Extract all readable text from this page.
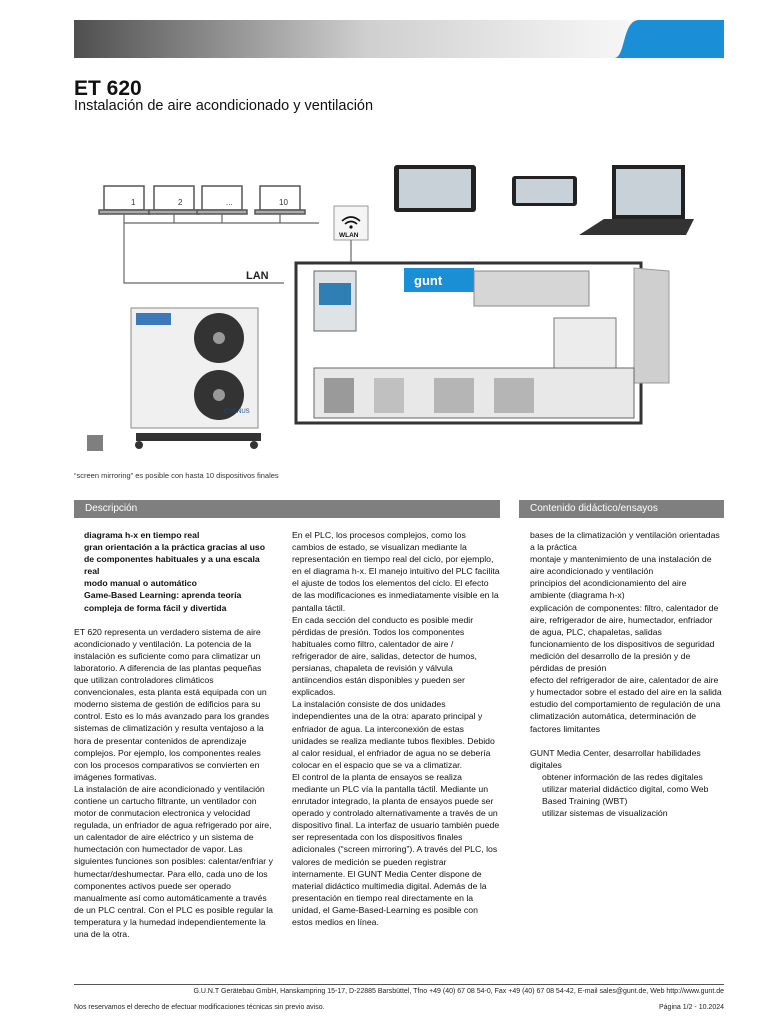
ET 620
Instalación de aire acondicionado y ventilación
1	2	...	10
LAN
WLAN
gunt
CYGNUS
“screen mirroring” es posible con hasta 10 dispositivos finales
Descripción	Contenido didáctico/ensayos

diagrama h-x en tiempo real

gran orientación a la práctica gracias al uso de componentes habituales y a una escala real

modo manual o automático

Game-Based Learning: aprenda teoría compleja de forma fácil y divertida

ET 620 representa un verdadero sistema de aire acondicionado y ventilación. La potencia de la instalación es suficiente como para climatizar un laboratorio. A diferencia de las plantas pequeñas que utilizan controladores climáticos convencionales, esta planta está equipada con un moderno sistema de gestión de edificios para su control. Esto es lo más avanzado para los grandes sistemas de climatización y resulta ventajoso a la hora de presentar contenidos de aprendizaje complejos. Por ejemplo, los componentes reales con los procesos comparativos se convierten en imágenes formativas.

La instalación de aire acondicionado y ventilación contiene un cartucho filtrante, un ventilador con motor de conmutacion electronica y velocidad regulada, un enfriador de agua refrigerado por aire, un calentador de aire eléctrico y un sistema de humectación con humectador de vapor. Las siguientes funciones son posibles: calentar/enfriar y humectar/deshumectar. Para ello, cada uno de los componentes activos puede ser operado manualmente así como automáticamente a través de un PLC central. Con el PLC es posible regular la temperatura y la humedad independientemente la una de la otra.

En el PLC, los procesos complejos, como los cambios de estado, se visualizan mediante la representación en tiempo real del ciclo, por ejemplo, en el diagrama h-x. El manejo intuitivo del PLC facilita el ajuste de todos los elementos del ciclo. El efecto de las modificaciones es inmediatamente visible en la pantalla táctil.

En cada sección del conducto es posible medir pérdidas de presión. Todos los componentes habituales como filtro, calentador de aire / refrigerador de aire, salidas, detector de humos, persianas, chapaleta de revisión y válvula antiincendios están disponibles y pueden ser explicados.

La instalación consiste de dos unidades independientes una de la otra: aparato principal y enfriador de agua. La interconexión de estas unidades se realiza mediante tubos flexibles. Debido al calor residual, el enfriador de agua no se debería colocar en el espacio que se va a climatizar.

El control de la planta de ensayos se realiza mediante un PLC vía la pantalla táctil. Mediante un enrutador integrado, la planta de ensayos puede ser operado y controlado alternativamente a través de un dispositivo final. La interfaz de usuario también puede ser representada con los dispositivos finales adicionales (“screen mirroring”). A través del PLC, los valores de medición se pueden registrar internamente. El GUNT Media Center dispone de material didáctico multimedia digital. Además de la presentación en tiempo real directamente en la unidad, el Game-Based-Learning es posible con estos medios en línea.

bases de la climatización y ventilación orientadas a la práctica

montaje y mantenimiento de una instalación de aire acondicionado y ventilación

principios del acondicionamiento del aire ambiente (diagrama h-x)

explicación de componentes: filtro, calentador de aire, refrigerador de aire, humectador, enfriador de agua, PLC, chapaletas, salidas

funcionamiento de los dispositivos de seguridad

medición del desarrollo de la presión y de pérdidas de presión

efecto del refrigerador de aire, calentador de aire y humectador sobre el estado del aire en la salida

estudio del comportamiento de regulación de una climatización automática, determinación de factores limitantes

GUNT Media Center, desarrollar habilidades digitales

obtener información de las redes digitales

utilizar material didáctico digital, como Web Based Training (WBT)

utilizar sistemas de visualización

G.U.N.T Gerätebau GmbH, Hanskampring 15-17, D-22885 Barsbüttel, Tfno +49 (40) 67 08 54-0, Fax +49 (40) 67 08 54-42, E-mail sales@gunt.de, Web http://www.gunt.de
Nos reservamos el derecho de efectuar modificaciones técnicas sin previo aviso.	Página 1/2 - 10.2024
